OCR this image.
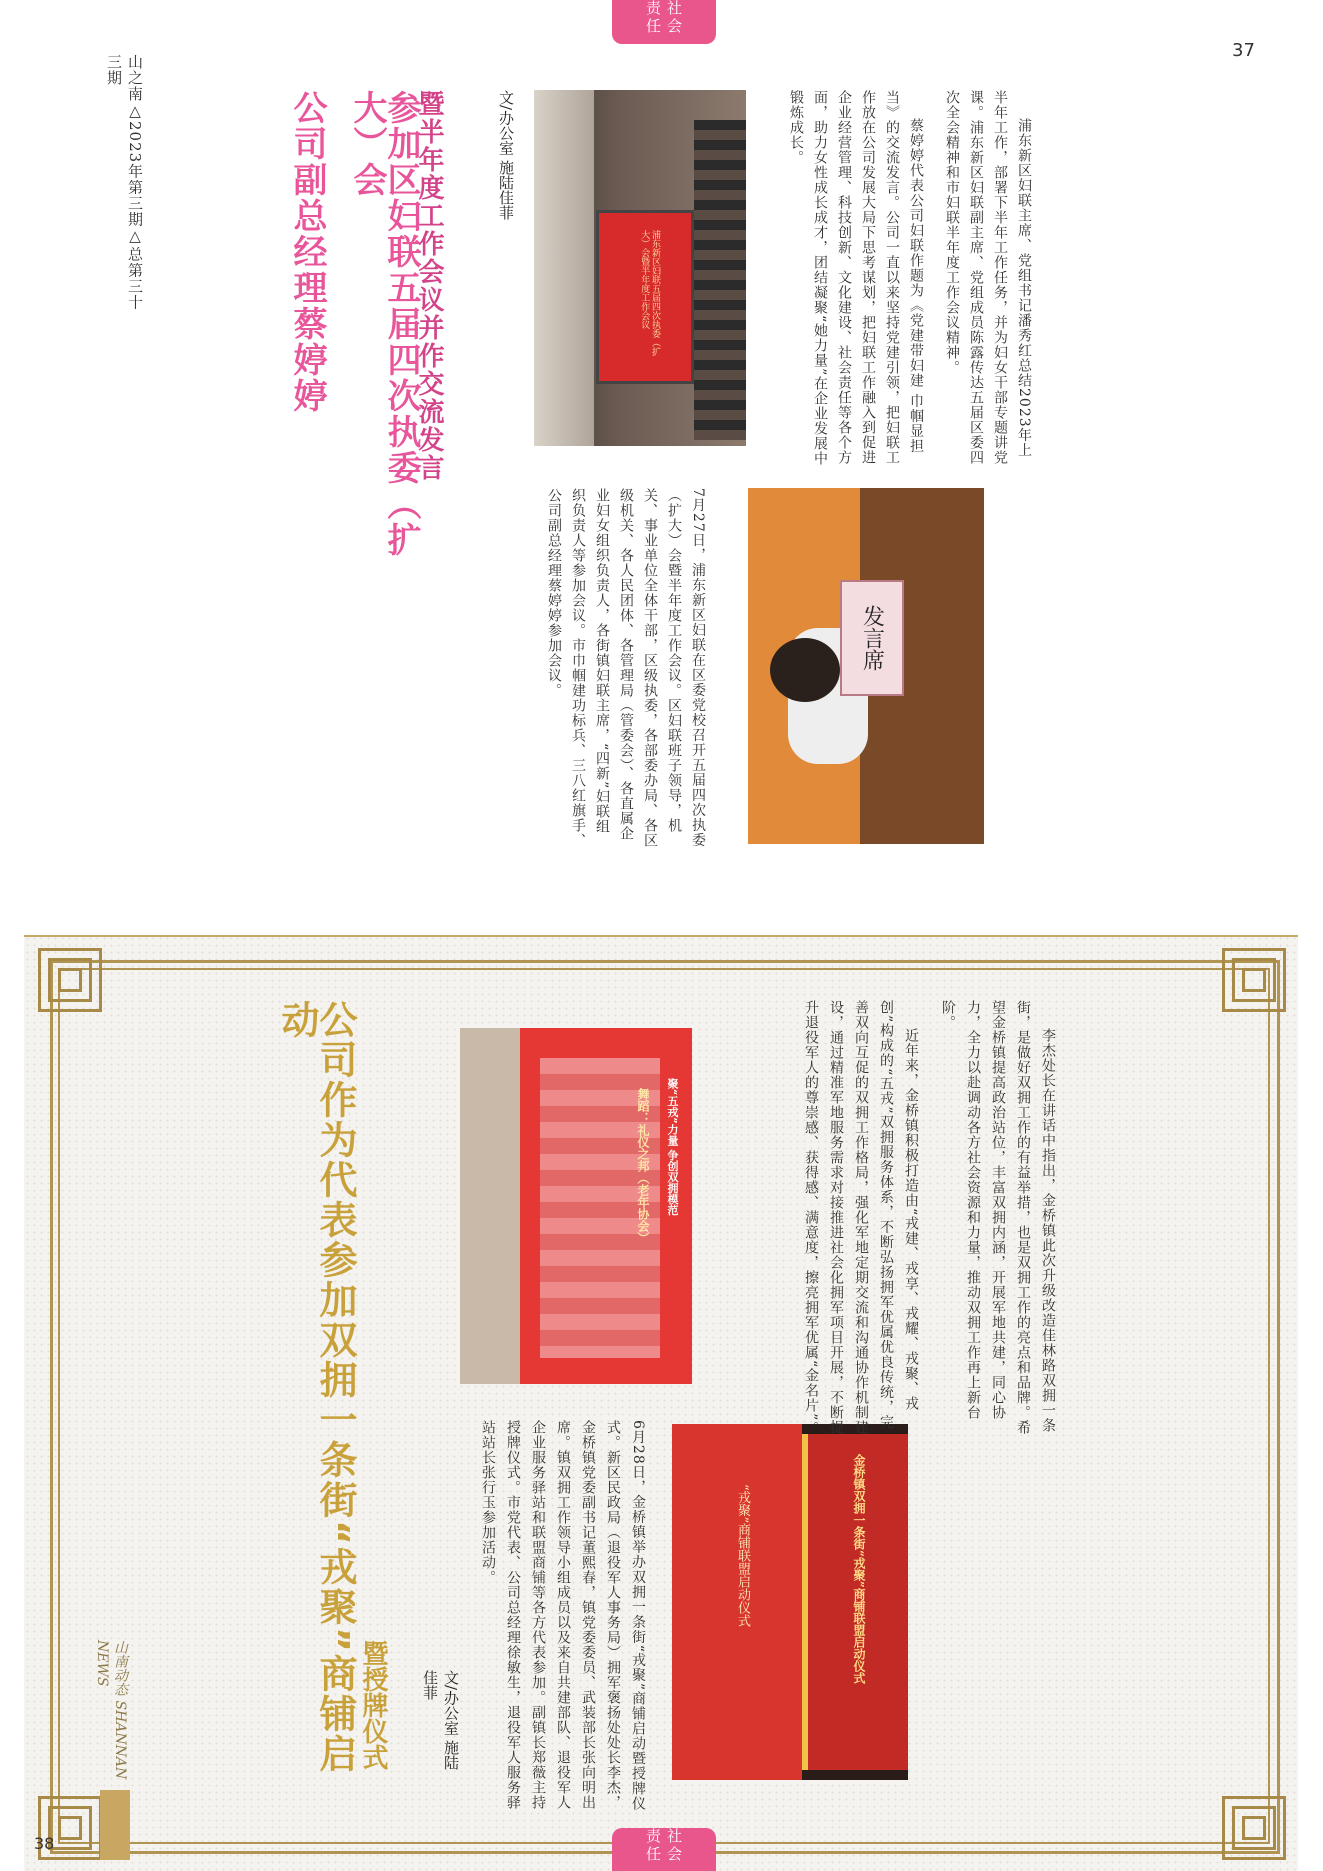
社会责任
37
山之南△2023年第三期△总第三十三期
公司副总经理蔡婷婷	参加区妇联五届四次执委（扩大）会	暨半年度工作会议并作交流发言	文/办公室 施陆佳菲
浦东新区妇联五届四次执委（扩大）会暨半年度工作会议
发言席
7月27日，浦东新区妇联在区委党校召开五届四次执委（扩大）会暨半年度工作会议。区妇联班子领导，机关、事业单位全体干部，区级执委，各部委办局、各区级机关、各人民团体、各管理局（管委会）、各直属企业妇女组织负责人，各街镇妇联主席，“四新”妇联组织负责人等参加会议。市巾帼建功标兵、三八红旗手、公司副总经理蔡婷婷参加会议。

浦东新区妇联主席、党组书记潘秀红总结2023年上半年工作，部署下半年工作任务，并为妇女干部专题讲党课。浦东新区妇联副主席、党组成员陈露传达五届区委四次全会精神和市妇联半年度工作会议精神。

蔡婷婷代表公司妇联作题为《党建带妇建 巾帼显担当》的交流发言。公司一直以来坚持党建引领，把妇联工作放在公司发展大局下思考谋划，把妇联工作融入到促进企业经营管理、科技创新、文化建设、社会责任等各个方面，助力女性成长成才，团结凝聚“她力量”在企业发展中锻炼成长。

山南动态 SHANNAN NEWS
38	社会责任
公司作为代表参加双拥一条街“戎聚”商铺启动
暨授牌仪式	文/办公室 施陆佳菲
舞蹈：礼仪之邦（老年协会）	聚“五戎”力量 争创双拥模范
“戎聚”商铺联盟启动仪式	金桥镇双拥一条街“戎聚”商铺联盟启动仪式
6月28日，金桥镇举办双拥一条街“戎聚”商铺启动暨授牌仪式。新区民政局（退役军人事务局）拥军褒扬处处长李杰，金桥镇党委副书记董熙春，镇党委委员、武装部长张向明出席。镇双拥工作领导小组成员以及来自共建部队、退役军人企业服务驿站和联盟商铺等各方代表参加。副镇长郑薇主持授牌仪式。市党代表、公司总经理徐敏生，退役军人服务驿站站长张行玉参加活动。

李杰处长在讲话中指出，金桥镇此次升级改造佳林路双拥一条街，是做好双拥工作的有益举措，也是双拥工作的亮点和品牌。希望金桥镇提高政治站位，丰富双拥内涵，开展军地共建，同心协力，全力以赴调动各方社会资源和力量，推动双拥工作再上新台阶。

近年来，金桥镇积极打造由“戎建、戎享、戎耀、戎聚、戎创”构成的“五戎”双拥服务体系，不断弘扬拥军优属优良传统，完善双向互促的双拥工作格局，强化军地定期交流和沟通协作机制建设，通过精准军地服务需求对接推进社会化拥军项目开展，不断提升退役军人的尊崇感、获得感、满意度，擦亮拥军优属“金名片”。
